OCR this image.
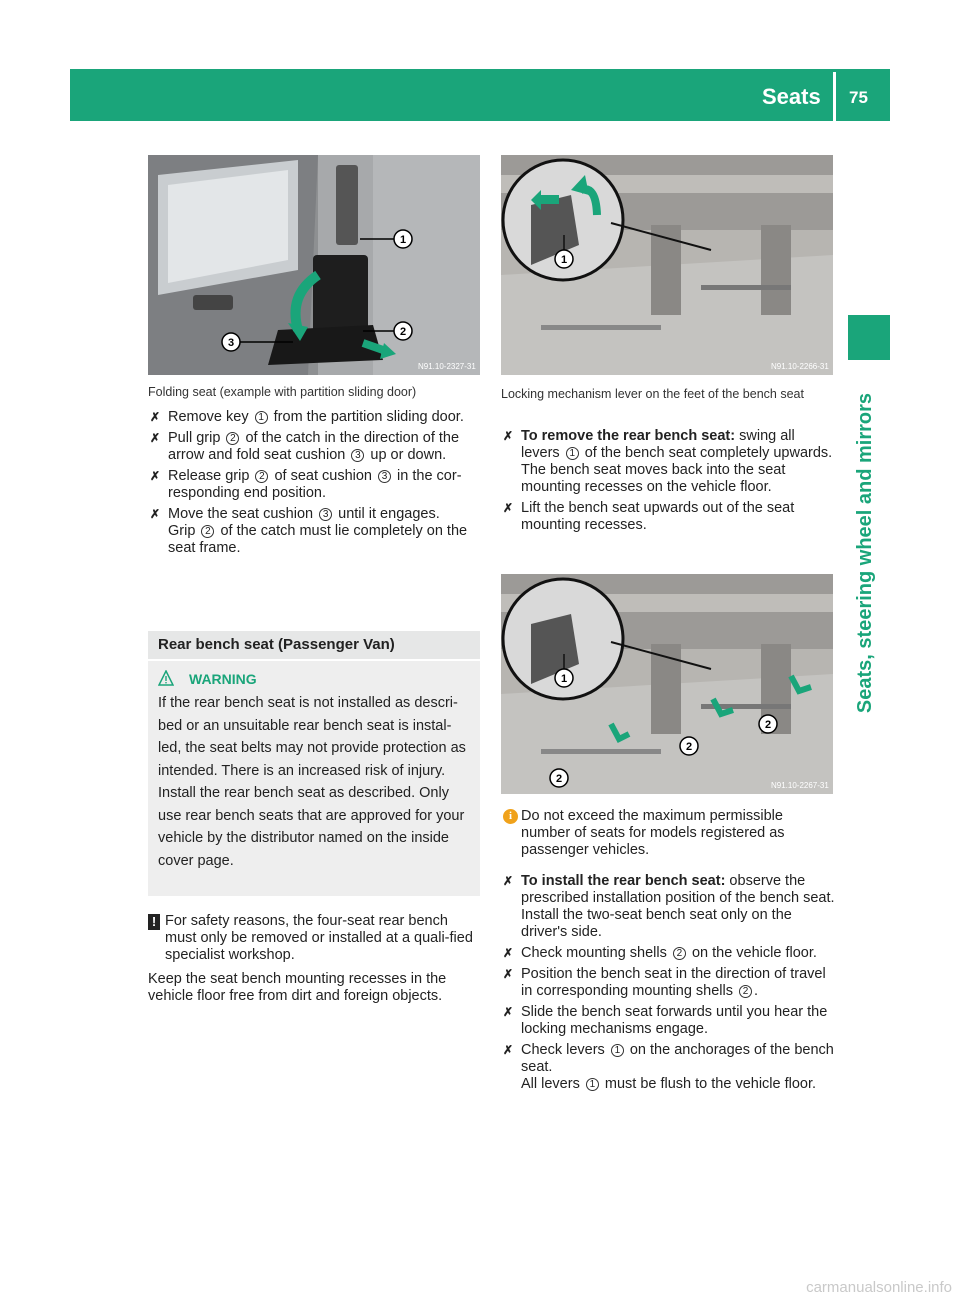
Seats 75
Seats, steering wheel and mirrors
1
2
3
N91.10-2327-31
1
N91.10-2266-31
1
2
2
2
N91.10-2267-31
Folding seat (example with partition sliding door)
✗ Remove key 1 from the partition sliding door.
✗ Pull grip 2 of the catch in the direction of the arrow and fold seat cushion 3 up or down.
✗ Release grip 2 of seat cushion 3 in the cor-responding end position.
✗ Move the seat cushion 3 until it engages.
Grip 2 of the catch must lie completely on the seat frame.
Rear bench seat (Passenger Van)
WARNING

If the rear bench seat is not installed as descri-bed or an unsuitable rear bench seat is instal-led, the seat belts may not provide protection as intended. There is an increased risk of injury.

Install the rear bench seat as described. Only use rear bench seats that are approved for your vehicle by the distributor named on the inside cover page.

! For safety reasons, the four-seat rear bench must only be removed or installed at a quali-fied specialist workshop.
Keep the seat bench mounting recesses in the vehicle floor free from dirt and foreign objects.
Locking mechanism lever on the feet of the bench seat
✗ To remove the rear bench seat: swing all levers 1 of the bench seat completely upwards.
The bench seat moves back into the seat mounting recesses on the vehicle floor.
✗ Lift the bench seat upwards out of the seat mounting recesses.
i Do not exceed the maximum permissible number of seats for models registered as passenger vehicles.
✗ To install the rear bench seat: observe the prescribed installation position of the bench seat.
Install the two-seat bench seat only on the driver's side.
✗ Check mounting shells 2 on the vehicle floor.
✗ Position the bench seat in the direction of travel in corresponding mounting shells 2 .
✗ Slide the bench seat forwards until you hear the locking mechanisms engage.
✗ Check levers 1 on the anchorages of the bench seat.
All levers 1 must be flush to the vehicle floor.
carmanualsonline.info
